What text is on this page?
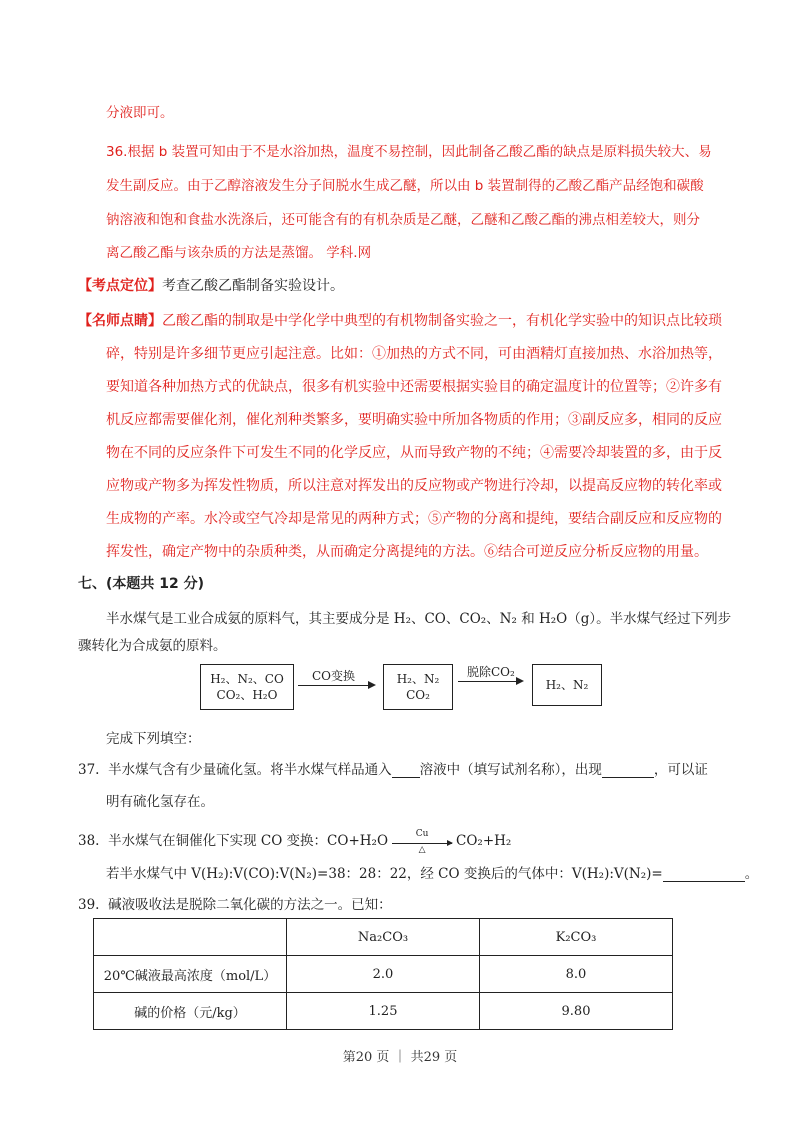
分液即可。
36.根据 b 装置可知由于不是水浴加热，温度不易控制，因此制备乙酸乙酯的缺点是原料损失较大、易
发生副反应。由于乙醇溶液发生分子间脱水生成乙醚，所以由 b 装置制得的乙酸乙酯产品经饱和碳酸
钠溶液和饱和食盐水洗涤后，还可能含有的有机杂质是乙醚，乙醚和乙酸乙酯的沸点相差较大，则分
离乙酸乙酯与该杂质的方法是蒸馏。 学科.网
【考点定位】考查乙酸乙酯制备实验设计。
【名师点睛】乙酸乙酯的制取是中学化学中典型的有机物制备实验之一，有机化学实验中的知识点比较琐
碎，特别是许多细节更应引起注意。比如：①加热的方式不同，可由酒精灯直接加热、水浴加热等，
要知道各种加热方式的优缺点，很多有机实验中还需要根据实验目的确定温度计的位置等；②许多有
机反应都需要催化剂，催化剂种类繁多，要明确实验中所加各物质的作用；③副反应多，相同的反应
物在不同的反应条件下可发生不同的化学反应，从而导致产物的不纯；④需要冷却装置的多，由于反
应物或产物多为挥发性物质，所以注意对挥发出的反应物或产物进行冷却，以提高反应物的转化率或
生成物的产率。水冷或空气冷却是常见的两种方式；⑤产物的分离和提纯，要结合副反应和反应物的
挥发性，确定产物中的杂质种类，从而确定分离提纯的方法。⑥结合可逆反应分析反应物的用量。
七、(本题共 12 分)
半水煤气是工业合成氨的原料气，其主要成分是 H₂、CO、CO₂、N₂ 和 H₂O（g）。半水煤气经过下列步
骤转化为合成氨的原料。
H₂、N₂、CO
CO₂、H₂O
CO变换	H₂、N₂
CO₂
脱除CO₂
H₂、N₂
完成下列填空：
37. 半水煤气含有少量硫化氢。将半水煤气样品通入 溶液中（填写试剂名称），出现	，可以证
明有硫化氢存在。
38. 半水煤气在铜催化下实现 CO 变换：CO+H₂O	Cu
△
CO₂+H₂
若半水煤气中 V(H₂):V(CO):V(N₂)=38：28：22，经 CO 变换后的气体中：V(H₂):V(N₂)=	。
39. 碱液吸收法是脱除二氧化碳的方法之一。已知：
	Na₂CO₃	K₂CO₃
20℃碱液最高浓度（mol/L）	2.0	8.0
碱的价格（元/kg）	1.25	9.80
第20 页 ｜ 共29 页
